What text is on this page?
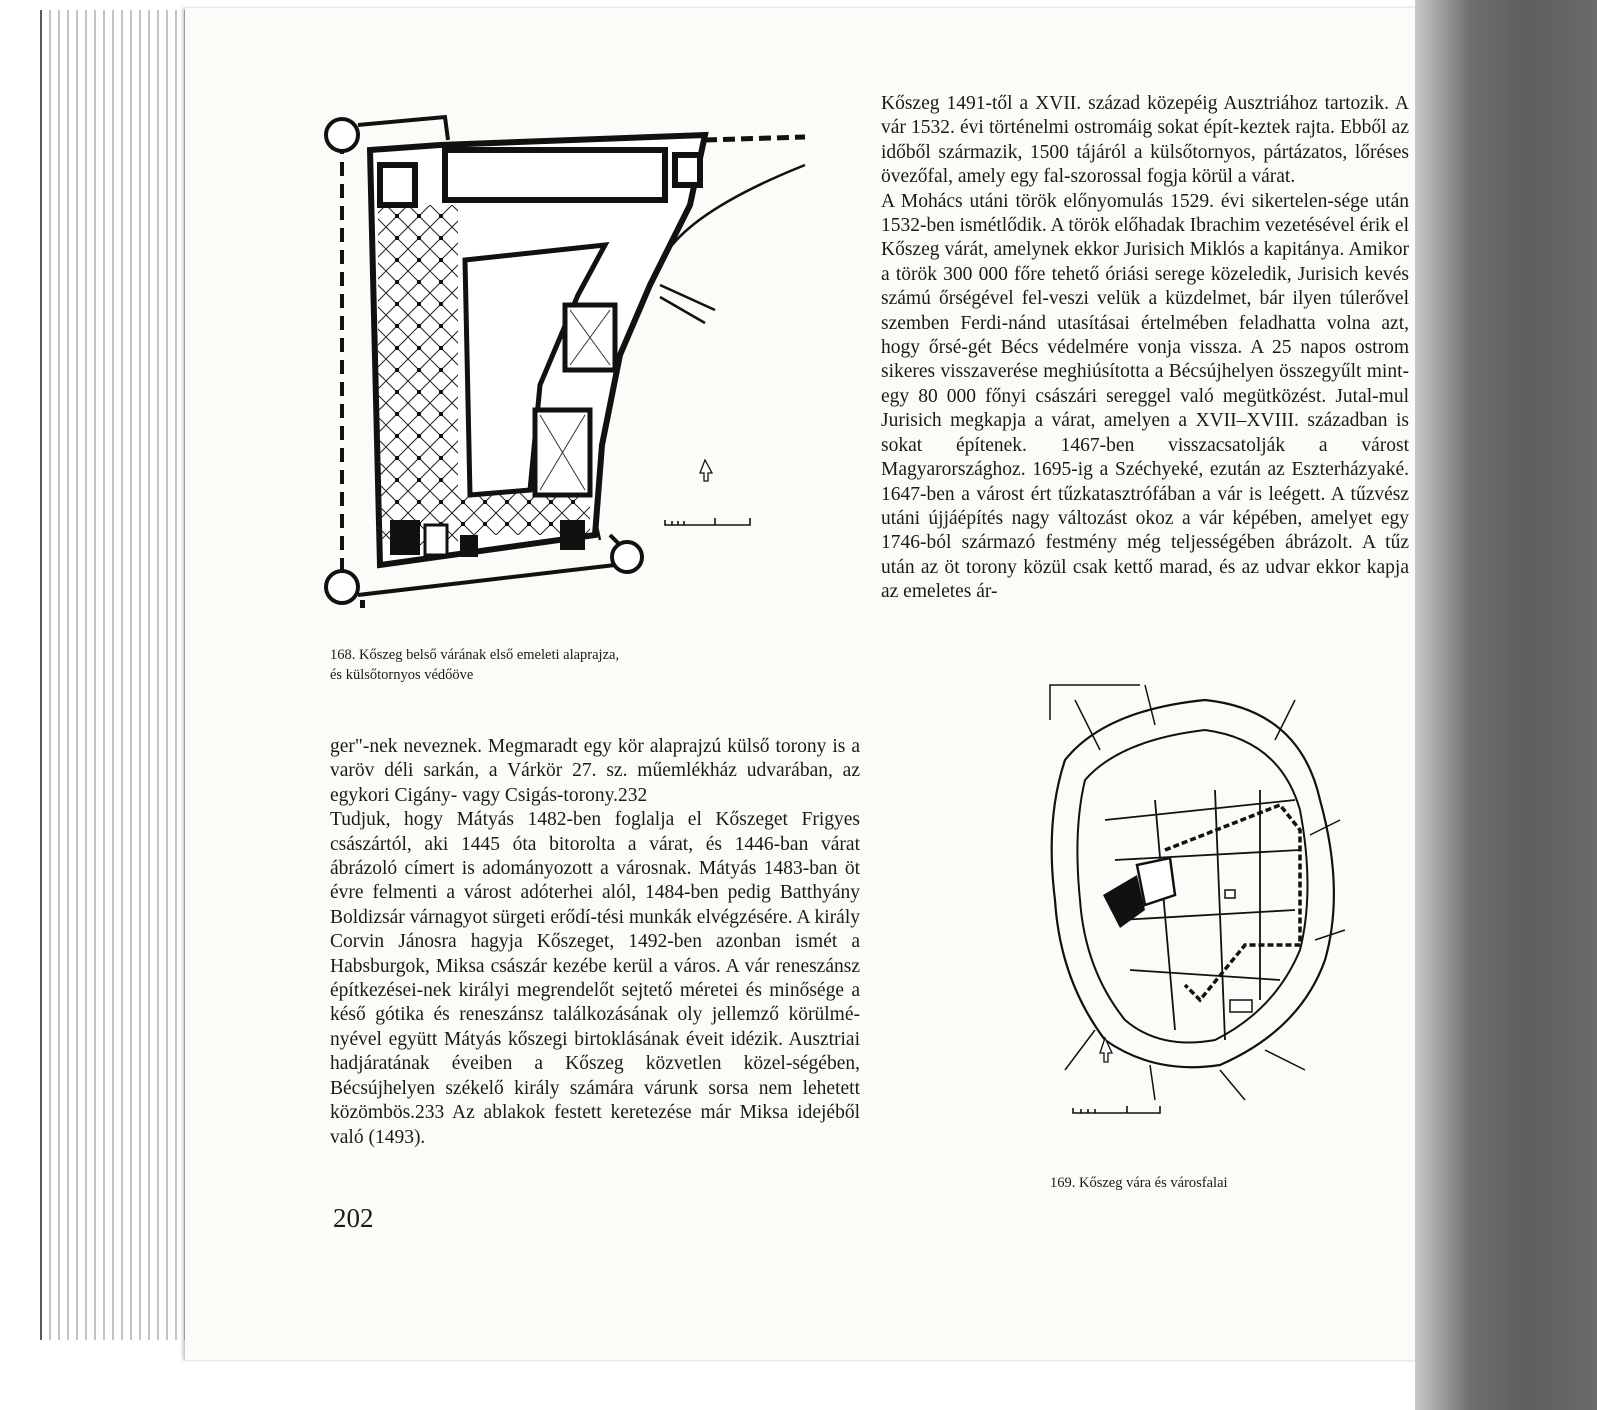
168. Kőszeg belső várának első emeleti alaprajza,
és külsőtornyos védőöve

Kőszeg 1491-től a XVII. század közepéig Ausztriához tartozik. A vár 1532. évi történelmi ostromáig sokat épít-keztek rajta. Ebből az időből származik, 1500 tájáról a külsőtornyos, pártázatos, lőréses övezőfal, amely egy fal-szorossal fogja körül a várat.
A Mohács utáni török előnyomulás 1529. évi sikertelen-sége után 1532-ben ismétlődik. A török előhadak Ibrachim vezetésével érik el Kőszeg várát, amelynek ekkor Jurisich Miklós a kapitánya. Amikor a török 300 000 főre tehető óriási serege közeledik, Jurisich kevés számú őrségével fel-veszi velük a küzdelmet, bár ilyen túlerővel szemben Ferdi-nánd utasításai értelmében feladhatta volna azt, hogy őrsé-gét Bécs védelmére vonja vissza. A 25 napos ostrom sikeres visszaverése meghiúsította a Bécsújhelyen összegyűlt mint-egy 80 000 főnyi császári sereggel való megütközést. Jutal-mul Jurisich megkapja a várat, amelyen a XVII–XVIII. században is sokat építenek. 1467-ben visszacsatolják a várost Magyarországhoz. 1695-ig a Széchyeké, ezután az Eszterházyaké. 1647-ben a várost ért tűzkatasztrófában a vár is leégett. A tűzvész utáni újjáépítés nagy változást okoz a vár képében, amelyet egy 1746-ból származó festmény még teljességében ábrázolt. A tűz után az öt torony közül csak kettő marad, és az udvar ekkor kapja az emeletes ár-

169. Kőszeg vára és városfalai

ger"-nek neveznek. Megmaradt egy kör alaprajzú külső torony is a varöv déli sarkán, a Várkör 27. sz. műemlékház udvarában, az egykori Cigány- vagy Csigás-torony.232
Tudjuk, hogy Mátyás 1482-ben foglalja el Kőszeget Frigyes császártól, aki 1445 óta bitorolta a várat, és 1446-ban várat ábrázoló címert is adományozott a városnak. Mátyás 1483-ban öt évre felmenti a várost adóterhei alól, 1484-ben pedig Batthyány Boldizsár várnagyot sürgeti erődí-tési munkák elvégzésére. A király Corvin Jánosra hagyja Kőszeget, 1492-ben azonban ismét a Habsburgok, Miksa császár kezébe kerül a város. A vár reneszánsz építkezései-nek királyi megrendelőt sejtető méretei és minősége a késő gótika és reneszánsz találkozásának oly jellemző körülmé-nyével együtt Mátyás kőszegi birtoklásának éveit idézik. Ausztriai hadjáratának éveiben a Kőszeg közvetlen közel-ségében, Bécsújhelyen székelő király számára várunk sorsa nem lehetett közömbös.233 Az ablakok festett keretezése már Miksa idejéből való (1493).

202
